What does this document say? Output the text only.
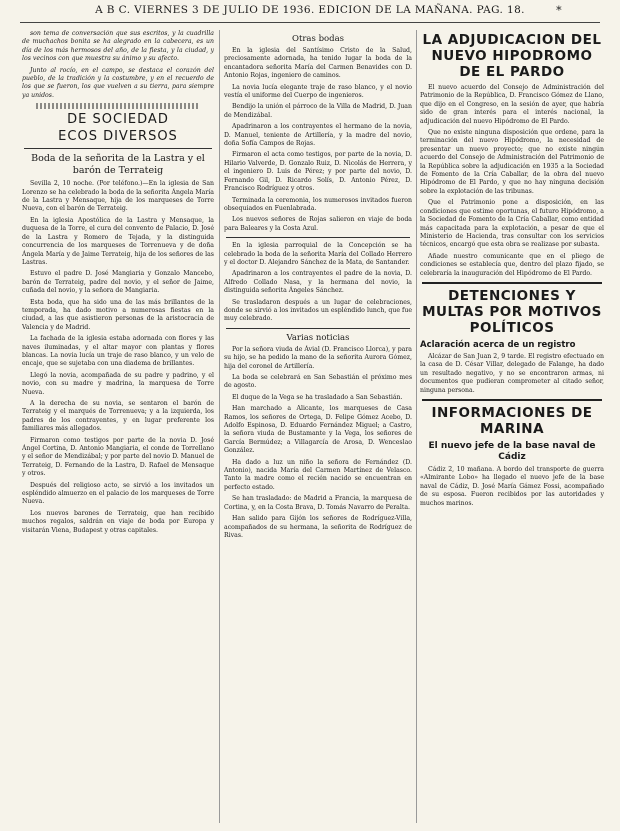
A B C. VIERNES 3 DE JULIO DE 1936. EDICION DE LA MAÑANA. PAG. 18.	*

son tema de conversación que sus escritos, y la cuadrilla de muchachos bonita se ha alegrado en la cabecera, es un día de los más hermosos del año, de la fiesta, y la ciudad, y los vecinos con que muestra su ánimo y su afecto.

Junto al rocío, en el campo, se destaca el corazón del pueblo, de la tradición y la costumbre, y en el recuerdo de los que se fueron, los que vuelven a su tierra, para siempre ya unidos.

DE SOCIEDAD
ECOS DIVERSOS
Boda de la señorita de la Lastra y el barón de Terrateig

Sevilla 2, 10 noche. (Por teléfono.)—En la iglesia de San Lorenzo se ha celebrado la boda de la señorita Ángela María de la Lastra y Mensaque, hija de los marqueses de Torre Nueva, con el barón de Terrateig.

En la iglesia Apostólica de la Lastra y Mensaque, la duquesa de la Torre, el cura del convento de Palacio, D. José de la Lastra y Romero de Tejada, y la distinguida concurrencia de los marqueses de Torrenueva y de doña Ángela María y de Jaime Terrateig, hija de los señores de las Lastras.

Estuvo el padre D. José Mangiaria y Gonzalo Mancebo, barón de Terrateig, padre del novio, y el señor de Jaime, cuñada del novio, y la señora de Mangiaria.

Esta boda, que ha sido una de las más brillantes de la temporada, ha dado motivo a numerosas fiestas en la ciudad, a las que asistieron personas de la aristocracia de Valencia y de Madrid.

La fachada de la iglesia estaba adornada con flores y las naves iluminadas, y el altar mayor con plantas y flores blancas. La novia lucía un traje de raso blanco, y un velo de encaje, que se sujetaba con una diadema de brillantes.

Llegó la novia, acompañada de su padre y padrino, y el novio, con su madre y madrina, la marquesa de Torre Nueva.

A la derecha de su novia, se sentaron el barón de Terrateig y el marqués de Torrenueva; y a la izquierda, los padres de los contrayentes, y en lugar preferente los familiares más allegados.

Firmaron como testigos por parte de la novia D. José Ángel Cortina, D. Antonio Mangiaria, el conde de Torrellano y el señor de Mendizábal; y por parte del novio D. Manuel de Terrateig, D. Fernando de la Lastra, D. Rafael de Mensaque y otros.

Después del religioso acto, se sirvió a los invitados un espléndido almuerzo en el palacio de los marqueses de Torre Nueva.

Los nuevos barones de Terrateig, que han recibido muchos regalos, saldrán en viaje de boda por Europa y visitarán Viena, Budapest y otras capitales.

Otras bodas

En la iglesia del Santísimo Cristo de la Salud, preciosamente adornada, ha tenido lugar la boda de la encantadora señorita María del Carmen Benavides con D. Antonio Rojas, ingeniero de caminos.

La novia lucía elegante traje de raso blanco, y el novio vestía el uniforme del Cuerpo de ingenieros.

Bendijo la unión el párroco de la Villa de Madrid, D. Juan de Mendizábal.

Apadrinaron a los contrayentes el hermano de la novia, D. Manuel, teniente de Artillería, y la madre del novio, doña Sofía Campos de Rojas.

Firmaron el acta como testigos, por parte de la novia, D. Hilario Valverde, D. Gonzalo Ruiz, D. Nicolás de Herrera, y el ingeniero D. Luis de Pérez; y por parte del novio, D. Fernando Gil, D. Ricardo Solís, D. Antonio Pérez, D. Francisco Rodríguez y otros.

Terminada la ceremonia, los numerosos invitados fueron obsequiados en Fuenlabrada.

Los nuevos señores de Rojas salieron en viaje de boda para Baleares y la Costa Azul.

En la iglesia parroquial de la Concepción se ha celebrado la boda de la señorita María del Collado Herrero y el doctor D. Alejandro Sánchez de la Mata, de Santander.

Apadrinaron a los contrayentes el padre de la novia, D. Alfredo Collado Nasa, y la hermana del novio, la distinguida señorita Ángeles Sánchez.

Se trasladaron después a un lugar de celebraciones, donde se sirvió a los invitados un espléndido lunch, que fue muy celebrado.

Varias noticias

Por la señora viuda de Ávial (D. Francisco Llorca), y para su hijo, se ha pedido la mano de la señorita Aurora Gómez, hija del coronel de Artillería.

La boda se celebrará en San Sebastián el próximo mes de agosto.

El duque de la Vega se ha trasladado a San Sebastián.

Han marchado a Alicante, los marqueses de Casa Ramos, los señores de Ortega, D. Felipe Gómez Acebo, D. Adolfo Espinosa, D. Eduardo Fernández Miguel; a Castro, la señora viuda de Bustamante y la Vega, los señores de García Bermúdez; a Villagarcía de Arosa, D. Wenceslao González.

Ha dado a luz un niño la señora de Fernández (D. Antonio), nacida María del Carmen Martínez de Velasco. Tanto la madre como el recién nacido se encuentran en perfecto estado.

Se han trasladado: de Madrid a Francia, la marquesa de Cortina, y, en la Costa Brava, D. Tomás Navarro de Peralta.

Han salido para Gijón los señores de Rodríguez-Villa, acompañados de su hermana, la señorita de Rodríguez de Rivas.

LA ADJUDICACION DEL NUEVO HIPODROMO DE EL PARDO

El nuevo acuerdo del Consejo de Administración del Patrimonio de la República, D. Francisco Gómez de Llano, que dijo en el Congreso, en la sesión de ayer, que habría sido de gran interés para el interés nacional, la adjudicación del nuevo Hipódromo de El Pardo.

Que no existe ninguna disposición que ordene, para la terminación del nuevo Hipódromo, la necesidad de presentar un nuevo proyecto; que no existe ningún acuerdo del Consejo de Administración del Patrimonio de la República sobre la adjudicación en 1935 a la Sociedad de Fomento de la Cría Caballar, de la obra del nuevo Hipódromo de El Pardo, y que no hay ninguna decisión sobre la explotación de las tribunas.

Que el Patrimonio pone a disposición, en las condiciones que estime oportunas, el futuro Hipódromo, a la Sociedad de Fomento de la Cría Caballar, como entidad más capacitada para la explotación, a pesar de que el Ministerio de Hacienda, tras consultar con los servicios técnicos, encargó que esta obra se realizase por subasta.

Añade nuestro comunicante que en el pliego de condiciones se establecía que, dentro del plazo fijado, se celebraría la inauguración del Hipódromo de El Pardo.

DETENCIONES Y MULTAS POR MOTIVOS POLÍTICOS
Aclaración acerca de un registro

Alcázar de San Juan 2, 9 tarde. El registro efectuado en la casa de D. César Villar, delegado de Falange, ha dado un resultado negativo, y no se encontraron armas, ni documentos que pudieran comprometer al citado señor, ninguna persona.

INFORMACIONES DE MARINA
El nuevo jefe de la base naval de Cádiz

Cádiz 2, 10 mañana. A bordo del transporte de guerra «Almirante Lobo» ha llegado el nuevo jefe de la base naval de Cádiz, D. José María Gámez Fossi, acompañado de su esposa. Fueron recibidos por las autoridades y muchos marinos.
